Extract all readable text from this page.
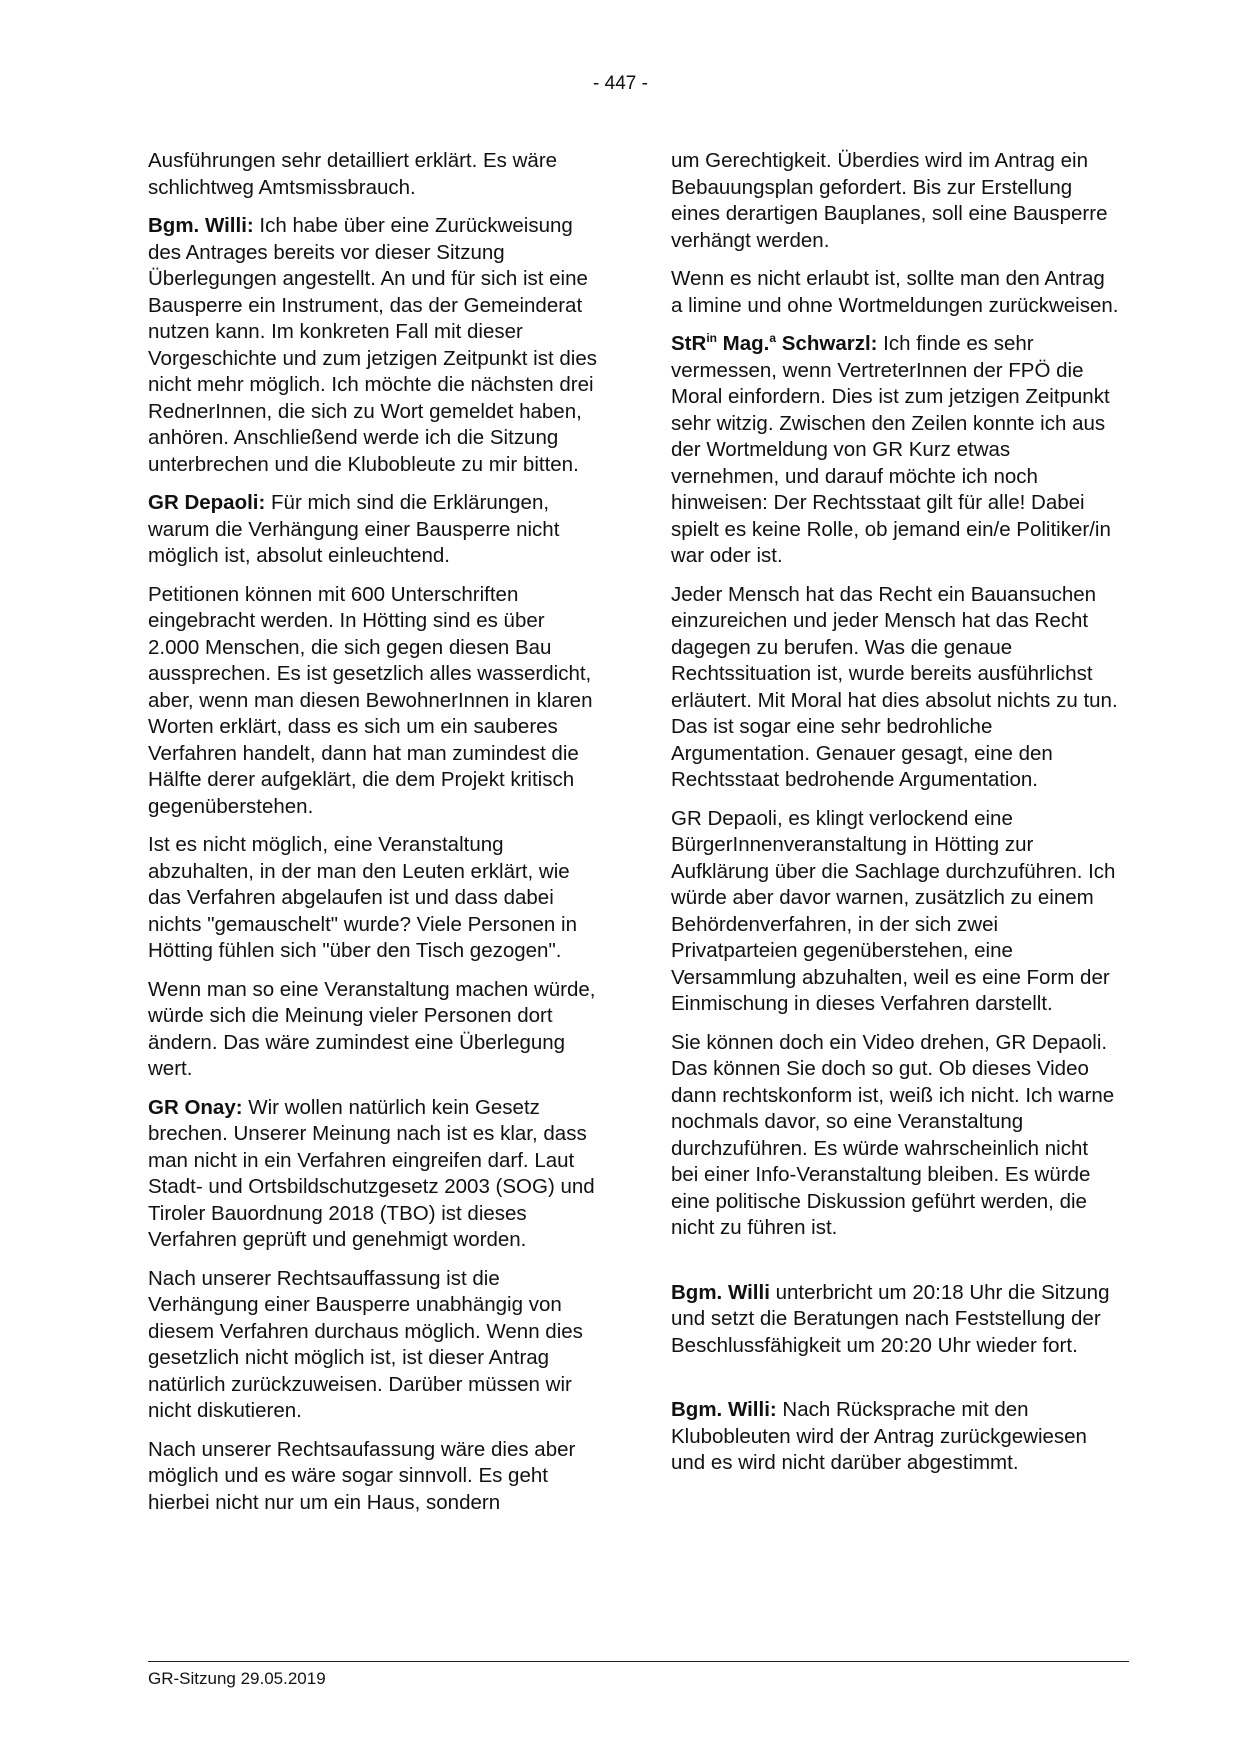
- 447 -

Ausführungen sehr detailliert erklärt. Es wäre schlichtweg Amtsmissbrauch.

Bgm. Willi: Ich habe über eine Zurückweisung des Antrages bereits vor dieser Sitzung Überlegungen angestellt. An und für sich ist eine Bausperre ein Instrument, das der Gemeinderat nutzen kann. Im konkreten Fall mit dieser Vorgeschichte und zum jetzigen Zeitpunkt ist dies nicht mehr möglich. Ich möchte die nächsten drei RednerInnen, die sich zu Wort gemeldet haben, anhören. Anschließend werde ich die Sitzung unterbrechen und die Klubobleute zu mir bitten.

GR Depaoli: Für mich sind die Erklärungen, warum die Verhängung einer Bausperre nicht möglich ist, absolut einleuchtend.

Petitionen können mit 600 Unterschriften eingebracht werden. In Hötting sind es über 2.000 Menschen, die sich gegen diesen Bau aussprechen. Es ist gesetzlich alles wasserdicht, aber, wenn man diesen BewohnerInnen in klaren Worten erklärt, dass es sich um ein sauberes Verfahren handelt, dann hat man zumindest die Hälfte derer aufgeklärt, die dem Projekt kritisch gegenüberstehen.

Ist es nicht möglich, eine Veranstaltung abzuhalten, in der man den Leuten erklärt, wie das Verfahren abgelaufen ist und dass dabei nichts "gemauschelt" wurde? Viele Personen in Hötting fühlen sich "über den Tisch gezogen".

Wenn man so eine Veranstaltung machen würde, würde sich die Meinung vieler Personen dort ändern. Das wäre zumindest eine Überlegung wert.

GR Onay: Wir wollen natürlich kein Gesetz brechen. Unserer Meinung nach ist es klar, dass man nicht in ein Verfahren eingreifen darf. Laut Stadt- und Ortsbildschutzgesetz 2003 (SOG) und Tiroler Bauordnung 2018 (TBO) ist dieses Verfahren geprüft und genehmigt worden.

Nach unserer Rechtsauffassung ist die Verhängung einer Bausperre unabhängig von diesem Verfahren durchaus möglich. Wenn dies gesetzlich nicht möglich ist, ist dieser Antrag natürlich zurückzuweisen. Darüber müssen wir nicht diskutieren.

Nach unserer Rechtsaufassung wäre dies aber möglich und es wäre sogar sinnvoll. Es geht hierbei nicht nur um ein Haus, sondern

um Gerechtigkeit. Überdies wird im Antrag ein Bebauungsplan gefordert. Bis zur Erstellung eines derartigen Bauplanes, soll eine Bausperre verhängt werden.

Wenn es nicht erlaubt ist, sollte man den Antrag a limine und ohne Wortmeldungen zurückweisen.

StR$^{in}$ Mag.$^a$ Schwarzl: Ich finde es sehr vermessen, wenn VertreterInnen der FPÖ die Moral einfordern. Dies ist zum jetzigen Zeitpunkt sehr witzig. Zwischen den Zeilen konnte ich aus der Wortmeldung von GR Kurz etwas vernehmen, und darauf möchte ich noch hinweisen: Der Rechtsstaat gilt für alle! Dabei spielt es keine Rolle, ob jemand ein/e Politiker/in war oder ist.

Jeder Mensch hat das Recht ein Bauansuchen einzureichen und jeder Mensch hat das Recht dagegen zu berufen. Was die genaue Rechtssituation ist, wurde bereits ausführlichst erläutert. Mit Moral hat dies absolut nichts zu tun. Das ist sogar eine sehr bedrohliche Argumentation. Genauer gesagt, eine den Rechtsstaat bedrohende Argumentation.

GR Depaoli, es klingt verlockend eine BürgerInnenveranstaltung in Hötting zur Aufklärung über die Sachlage durchzuführen. Ich würde aber davor warnen, zusätzlich zu einem Behördenverfahren, in der sich zwei Privatparteien gegenüberstehen, eine Versammlung abzuhalten, weil es eine Form der Einmischung in dieses Verfahren darstellt.

Sie können doch ein Video drehen, GR Depaoli. Das können Sie doch so gut. Ob dieses Video dann rechtskonform ist, weiß ich nicht. Ich warne nochmals davor, so eine Veranstaltung durchzuführen. Es würde wahrscheinlich nicht bei einer Info-Veranstaltung bleiben. Es würde eine politische Diskussion geführt werden, die nicht zu führen ist.

Bgm. Willi unterbricht um 20:18 Uhr die Sitzung und setzt die Beratungen nach Feststellung der Beschlussfähigkeit um 20:20 Uhr wieder fort.

Bgm. Willi: Nach Rücksprache mit den Klubobleuten wird der Antrag zurückgewiesen und es wird nicht darüber abgestimmt.

GR-Sitzung 29.05.2019
